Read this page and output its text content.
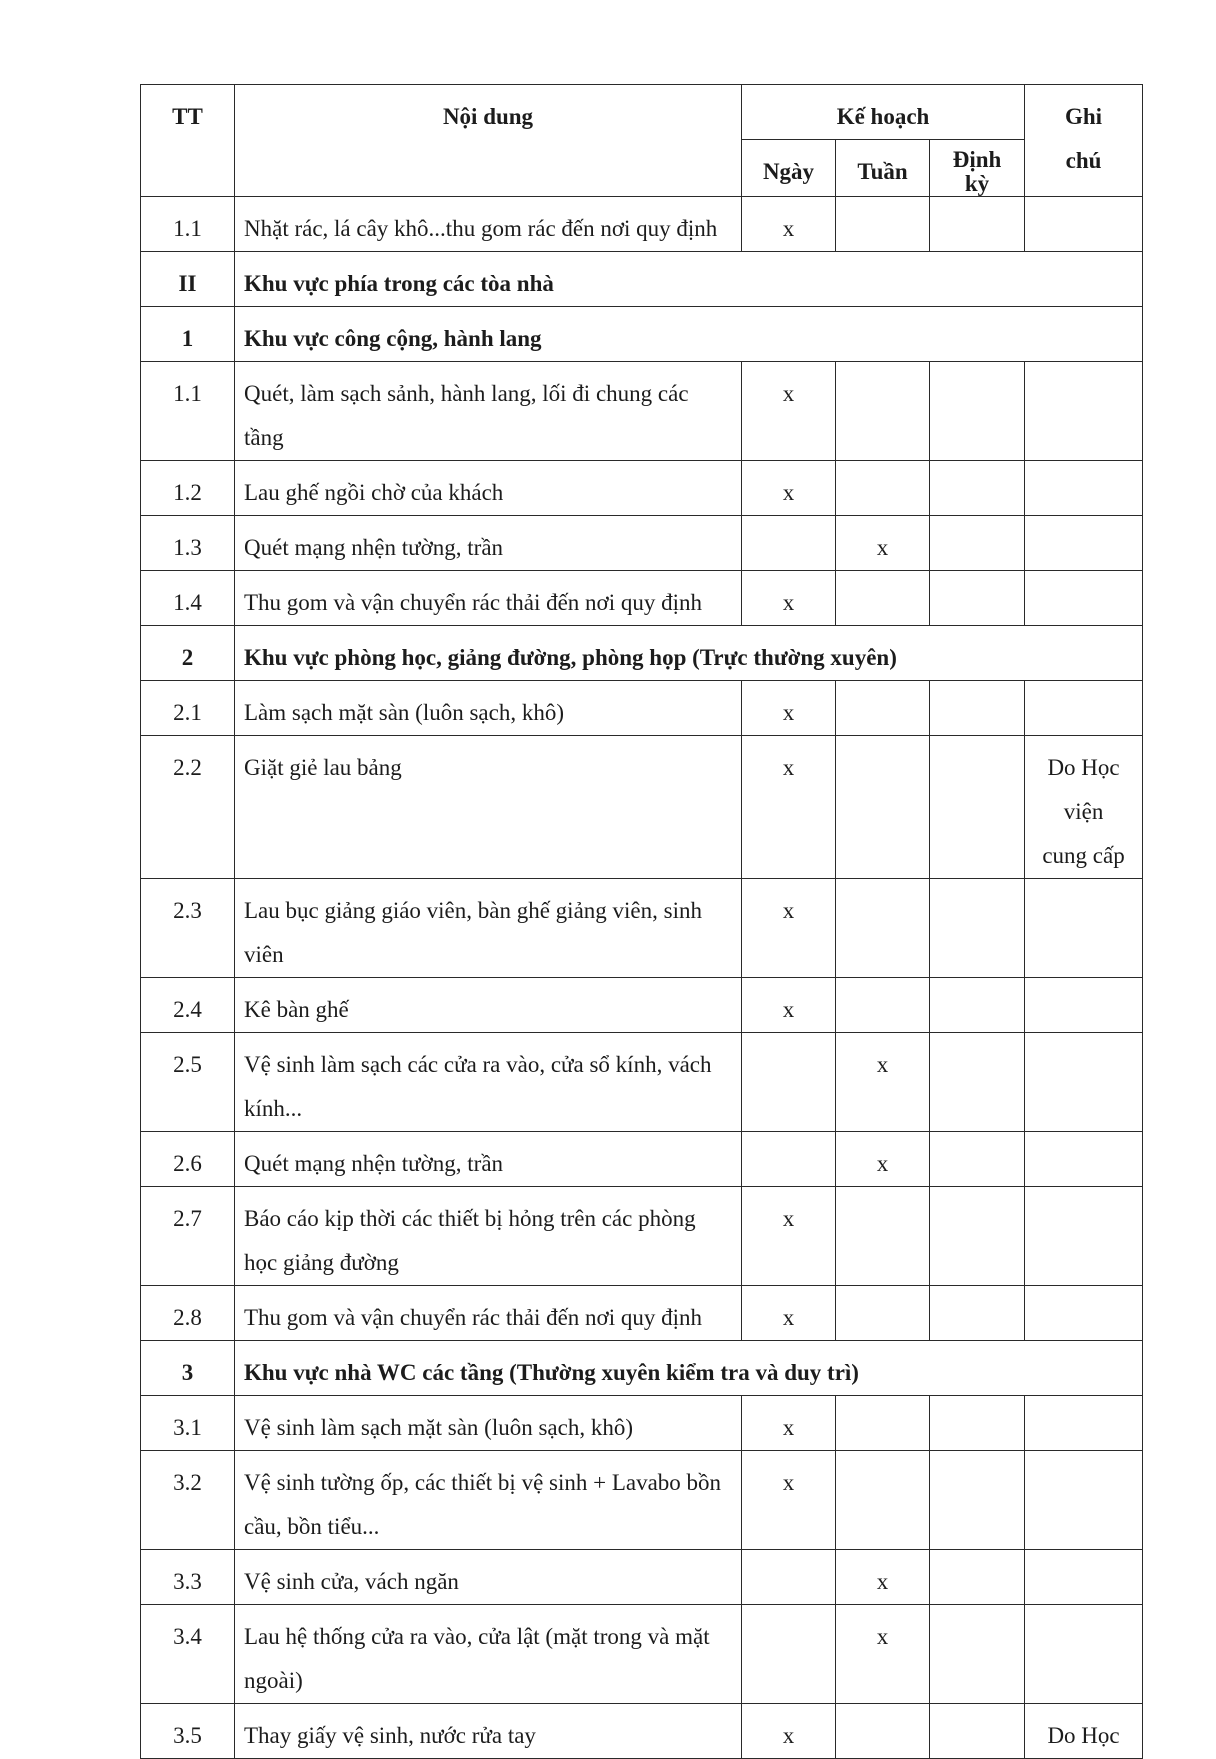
TT	Nội dung	Kế hoạch			Ghi
chú

		Ngày	Tuần	Định kỳ	
1.1	Nhặt rác, lá cây khô...thu gom rác đến nơi quy định	x			
II	Khu vực phía trong các tòa nhà				
1	Khu vực công cộng, hành lang				
1.1	Quét, làm sạch sảnh, hành lang, lối đi chung các tầng	x			
1.2	Lau ghế ngồi chờ của khách	x			
1.3	Quét mạng nhện tường, trần		x		
1.4	Thu gom và vận chuyển rác thải đến nơi quy định	x			
2	Khu vực phòng học, giảng đường, phòng họp (Trực thường xuyên)				
2.1	Làm sạch mặt sàn (luôn sạch, khô)	x			
2.2	Giặt giẻ lau bảng	x			Do Học viện cung cấp
2.3	Lau bục giảng giáo viên, bàn ghế giảng viên, sinh viên	x			
2.4	Kê bàn ghế	x			
2.5	Vệ sinh làm sạch các cửa ra vào, cửa sổ kính, vách kính...		x		
2.6	Quét mạng nhện tường, trần		x		
2.7	Báo cáo kịp thời các thiết bị hỏng trên các phòng học giảng đường	x			
2.8	Thu gom và vận chuyển rác thải đến nơi quy định	x			
3	Khu vực nhà WC các tầng (Thường xuyên kiểm tra và duy trì)				
3.1	Vệ sinh làm sạch mặt sàn (luôn sạch, khô)	x			
3.2	Vệ sinh tường ốp, các thiết bị vệ sinh + Lavabo bồn cầu, bồn tiểu...	x			
3.3	Vệ sinh cửa, vách ngăn		x		
3.4	Lau hệ thống cửa ra vào, cửa lật (mặt trong và mặt ngoài)		x		
3.5	Thay giấy vệ sinh, nước rửa tay	x			Do Học
